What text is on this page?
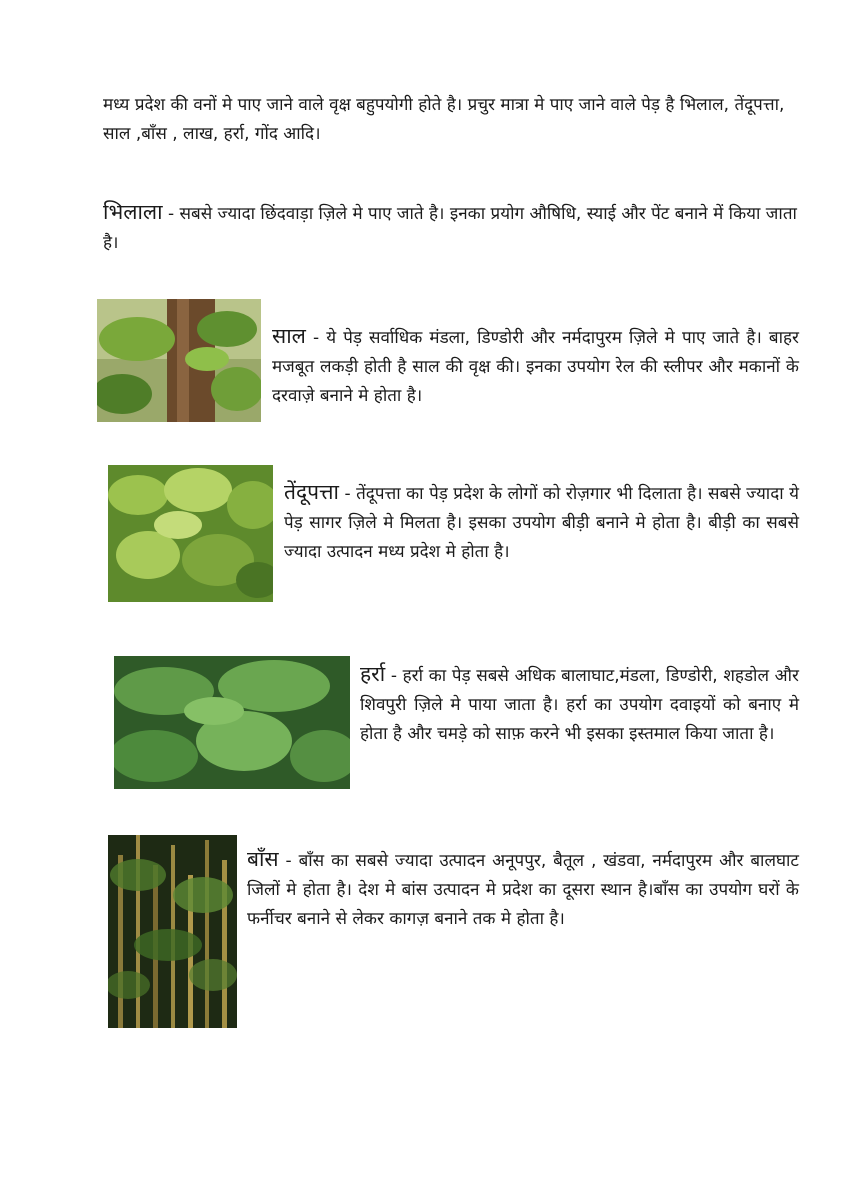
मध्य प्रदेश की वनों मे पाए जाने वाले वृक्ष बहुपयोगी होते है। प्रचुर मात्रा मे पाए जाने वाले पेड़ है भिलाल, तेंदूपत्ता, साल ,बाँस , लाख, हर्रा, गोंद आदि।

भिलाला - सबसे ज्यादा छिंदवाड़ा ज़िले मे पाए जाते है। इनका प्रयोग औषिधि, स्याई और पेंट बनाने में किया जाता है।

साल - ये पेड़ सर्वाधिक मंडला, डिण्डोरी और नर्मदापुरम ज़िले मे पाए जाते है। बाहर मजबूत लकड़ी होती है साल की वृक्ष की। इनका उपयोग रेल की स्लीपर और मकानों के दरवाज़े बनाने मे होता है।

तेंदूपत्ता - तेंदूपत्ता का पेड़ प्रदेश के लोगों को रोज़गार भी दिलाता है। सबसे ज्यादा ये पेड़ सागर ज़िले मे मिलता है। इसका उपयोग बीड़ी बनाने मे होता है। बीड़ी का सबसे ज्यादा उत्पादन मध्य प्रदेश मे होता है।

हर्रा - हर्रा का पेड़ सबसे अधिक बालाघाट,मंडला, डिण्डोरी, शहडोल और शिवपुरी ज़िले मे पाया जाता है। हर्रा का उपयोग दवाइयों को बनाए मे होता है और चमड़े को साफ़ करने भी इसका इस्तमाल किया जाता है।

बाँस - बाँस का सबसे ज्यादा उत्पादन अनूपपुर, बैतूल , खंडवा, नर्मदापुरम और बालघाट जिलों मे होता है। देश मे बांस उत्पादन मे प्रदेश का दूसरा स्थान है।बाँस का उपयोग घरों के फर्नीचर बनाने से लेकर कागज़ बनाने तक मे होता है।
